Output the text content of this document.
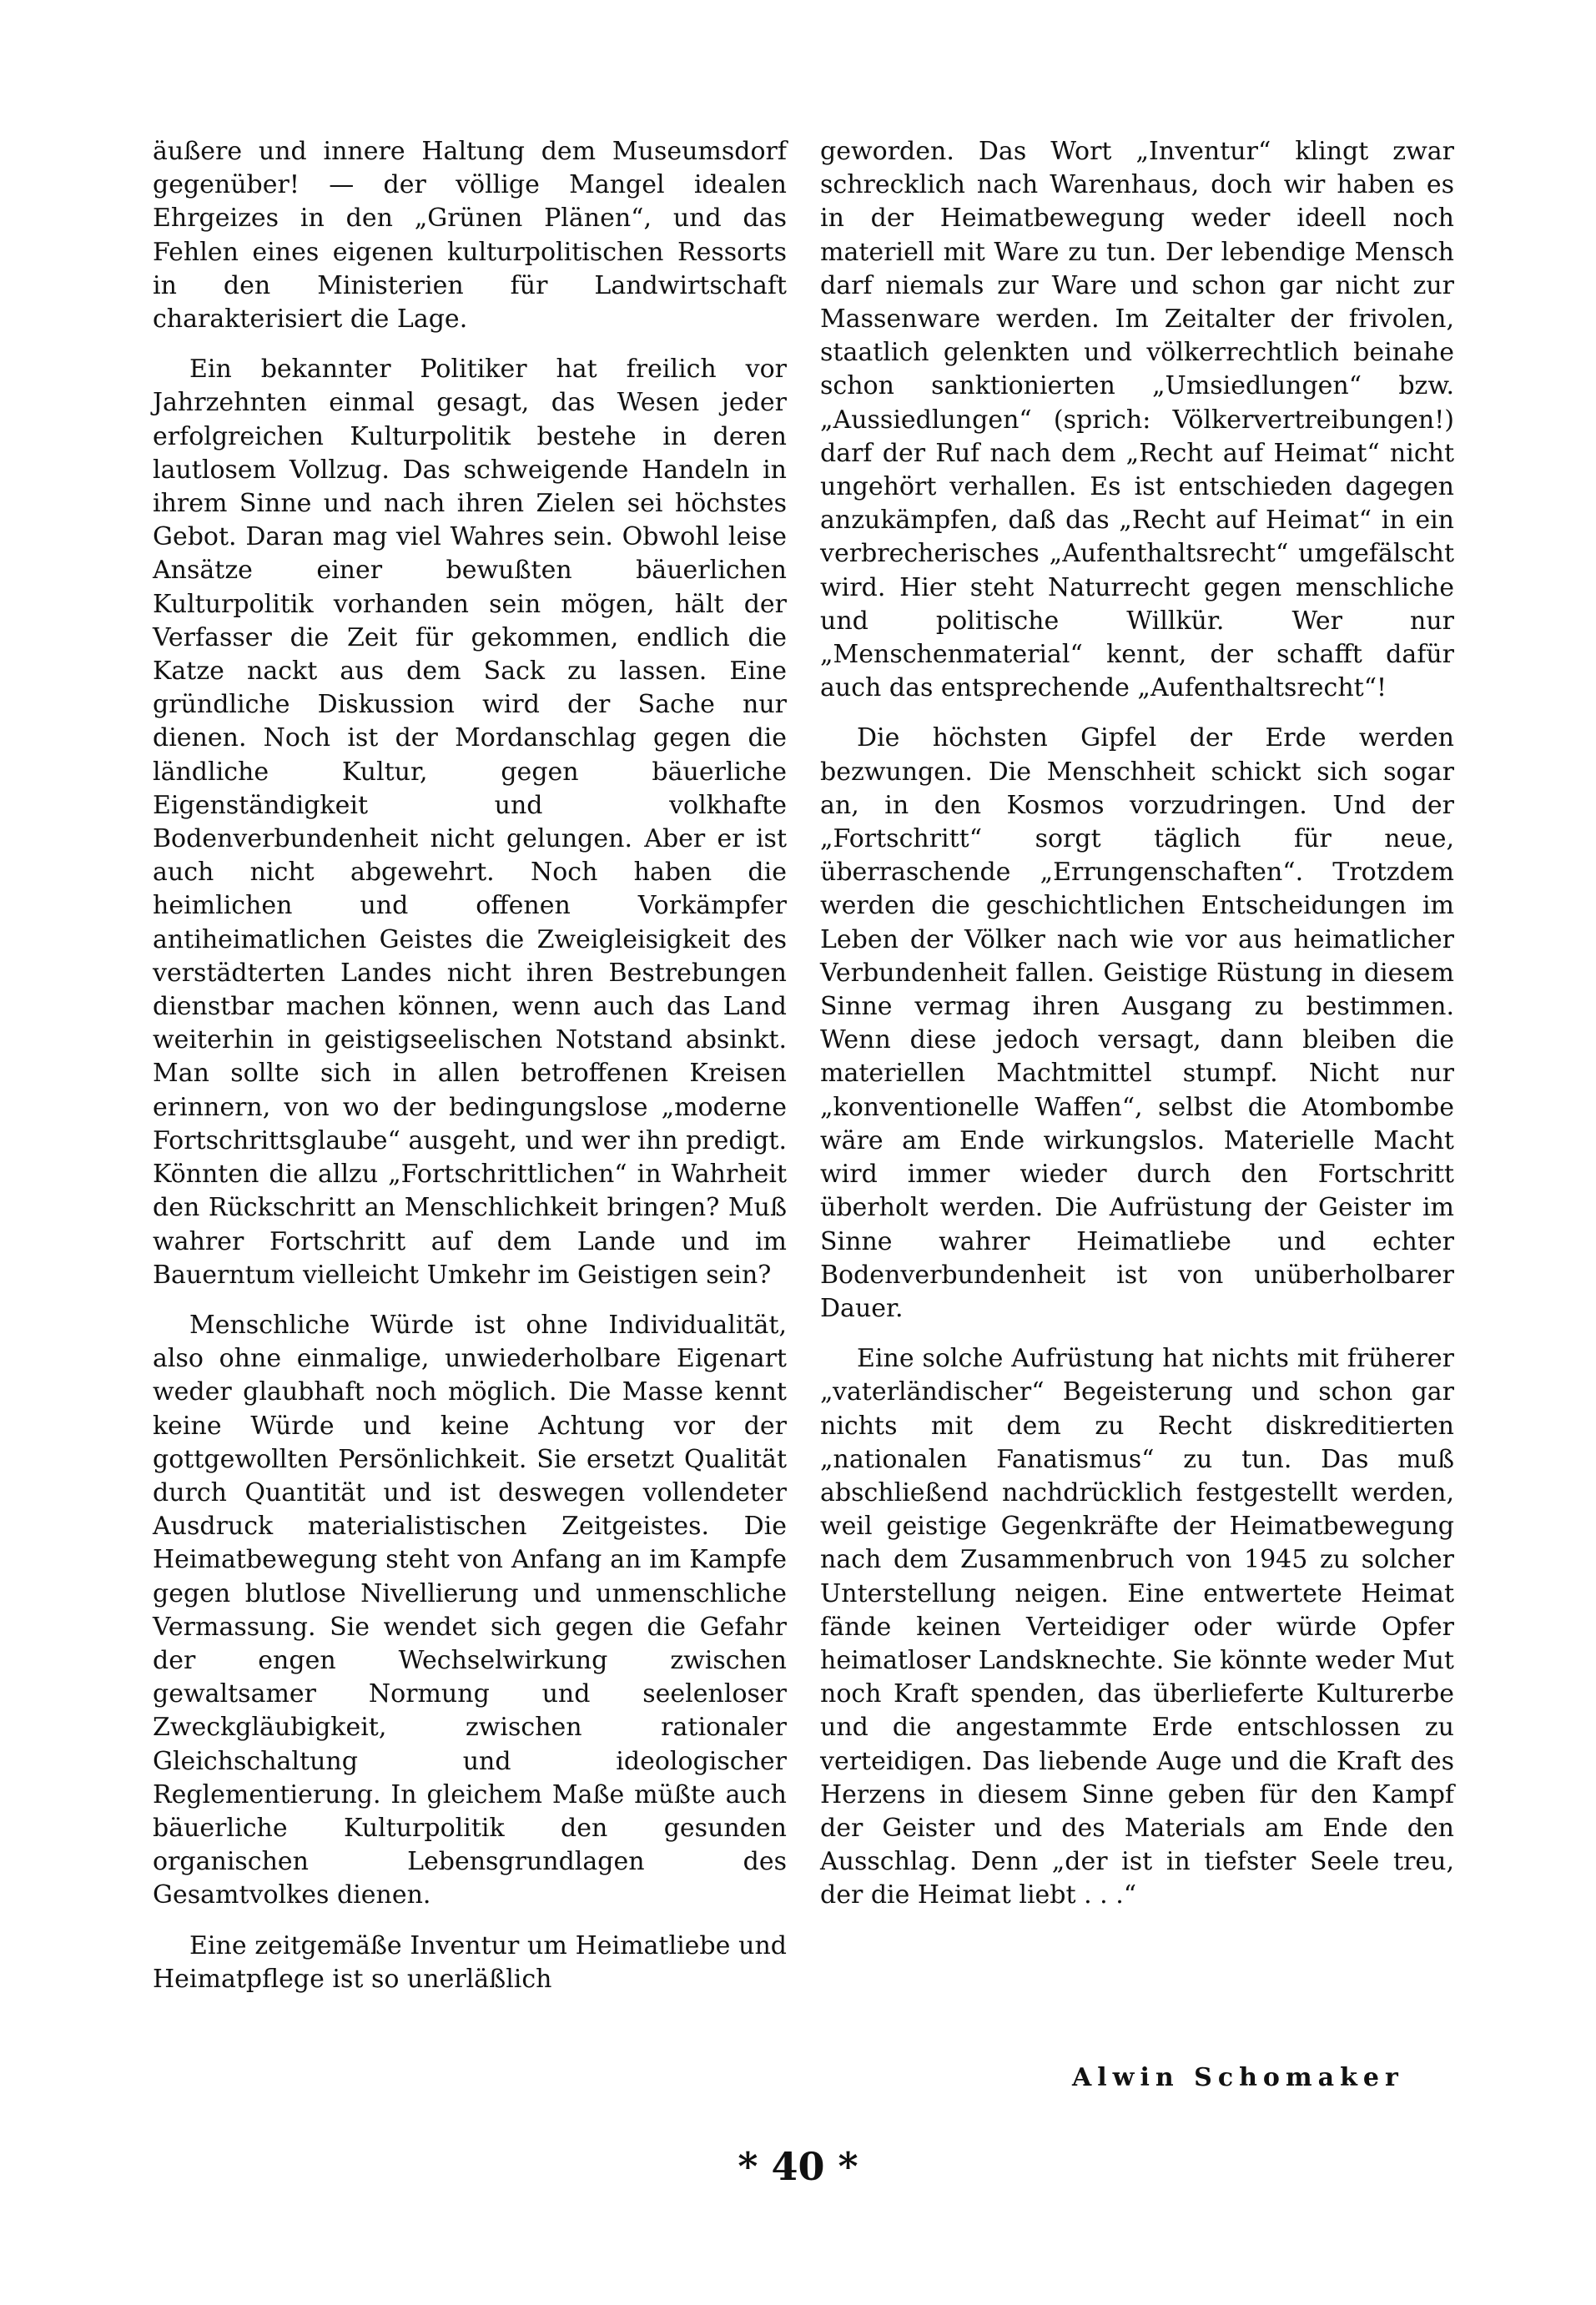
äußere und innere Haltung dem Museumsdorf gegenüber! — der völlige Mangel idealen Ehrgeizes in den „Grünen Plänen“, und das Fehlen eines eigenen kulturpolitischen Ressorts in den Ministerien für Landwirtschaft charakterisiert die Lage.

Ein bekannter Politiker hat freilich vor Jahrzehnten einmal gesagt, das Wesen jeder erfolgreichen Kulturpolitik bestehe in deren lautlosem Vollzug. Das schweigende Handeln in ihrem Sinne und nach ihren Zielen sei höchstes Gebot. Daran mag viel Wahres sein. Obwohl leise Ansätze einer bewußten bäuerlichen Kulturpolitik vorhanden sein mögen, hält der Verfasser die Zeit für gekommen, endlich die Katze nackt aus dem Sack zu lassen. Eine gründliche Diskussion wird der Sache nur dienen. Noch ist der Mordanschlag gegen die ländliche Kultur, gegen bäuerliche Eigenständigkeit und volkhafte Bodenverbundenheit nicht gelungen. Aber er ist auch nicht abgewehrt. Noch haben die heimlichen und offenen Vorkämpfer antiheimatlichen Geistes die Zweigleisigkeit des verstädterten Landes nicht ihren Bestrebungen dienstbar machen können, wenn auch das Land weiterhin in geistigseelischen Notstand absinkt. Man sollte sich in allen betroffenen Kreisen erinnern, von wo der bedingungslose „moderne Fortschrittsglaube“ ausgeht, und wer ihn predigt. Könnten die allzu „Fortschrittlichen“ in Wahrheit den Rückschritt an Menschlichkeit bringen? Muß wahrer Fortschritt auf dem Lande und im Bauerntum vielleicht Umkehr im Geistigen sein?

Menschliche Würde ist ohne Individualität, also ohne einmalige, unwiederholbare Eigenart weder glaubhaft noch möglich. Die Masse kennt keine Würde und keine Achtung vor der gottgewollten Persönlichkeit. Sie ersetzt Qualität durch Quantität und ist deswegen vollendeter Ausdruck materialistischen Zeitgeistes. Die Heimatbewegung steht von Anfang an im Kampfe gegen blutlose Nivellierung und unmenschliche Vermassung. Sie wendet sich gegen die Gefahr der engen Wechselwirkung zwischen gewaltsamer Normung und seelenloser Zweckgläubigkeit, zwischen rationaler Gleichschaltung und ideologischer Reglementierung. In gleichem Maße müßte auch bäuerliche Kulturpolitik den gesunden organischen Lebensgrundlagen des Gesamtvolkes dienen.

Eine zeitgemäße Inventur um Heimatliebe und Heimatpflege ist so unerläßlich

geworden. Das Wort „Inventur“ klingt zwar schrecklich nach Warenhaus, doch wir haben es in der Heimatbewegung weder ideell noch materiell mit Ware zu tun. Der lebendige Mensch darf niemals zur Ware und schon gar nicht zur Massenware werden. Im Zeitalter der frivolen, staatlich gelenkten und völkerrechtlich beinahe schon sanktionierten „Umsiedlungen“ bzw. „Aussiedlungen“ (sprich: Völkervertreibungen!) darf der Ruf nach dem „Recht auf Heimat“ nicht ungehört verhallen. Es ist entschieden dagegen anzukämpfen, daß das „Recht auf Heimat“ in ein verbrecherisches „Aufenthaltsrecht“ umgefälscht wird. Hier steht Naturrecht gegen menschliche und politische Willkür. Wer nur „Menschenmaterial“ kennt, der schafft dafür auch das entsprechende „Aufenthaltsrecht“!

Die höchsten Gipfel der Erde werden bezwungen. Die Menschheit schickt sich sogar an, in den Kosmos vorzudringen. Und der „Fortschritt“ sorgt täglich für neue, überraschende „Errungenschaften“. Trotzdem werden die geschichtlichen Entscheidungen im Leben der Völker nach wie vor aus heimatlicher Verbundenheit fallen. Geistige Rüstung in diesem Sinne vermag ihren Ausgang zu bestimmen. Wenn diese jedoch versagt, dann bleiben die materiellen Machtmittel stumpf. Nicht nur „konventionelle Waffen“, selbst die Atombombe wäre am Ende wirkungslos. Materielle Macht wird immer wieder durch den Fortschritt überholt werden. Die Aufrüstung der Geister im Sinne wahrer Heimatliebe und echter Bodenverbundenheit ist von unüberholbarer Dauer.

Eine solche Aufrüstung hat nichts mit früherer „vaterländischer“ Begeisterung und schon gar nichts mit dem zu Recht diskreditierten „nationalen Fanatismus“ zu tun. Das muß abschließend nachdrücklich festgestellt werden, weil geistige Gegenkräfte der Heimatbewegung nach dem Zusammenbruch von 1945 zu solcher Unterstellung neigen. Eine entwertete Heimat fände keinen Verteidiger oder würde Opfer heimatloser Landsknechte. Sie könnte weder Mut noch Kraft spenden, das überlieferte Kulturerbe und die angestammte Erde entschlossen zu verteidigen. Das liebende Auge und die Kraft des Herzens in diesem Sinne geben für den Kampf der Geister und des Materials am Ende den Ausschlag. Denn „der ist in tiefster Seele treu, der die Heimat liebt . . .“

Alwin Schomaker
* 40 *
